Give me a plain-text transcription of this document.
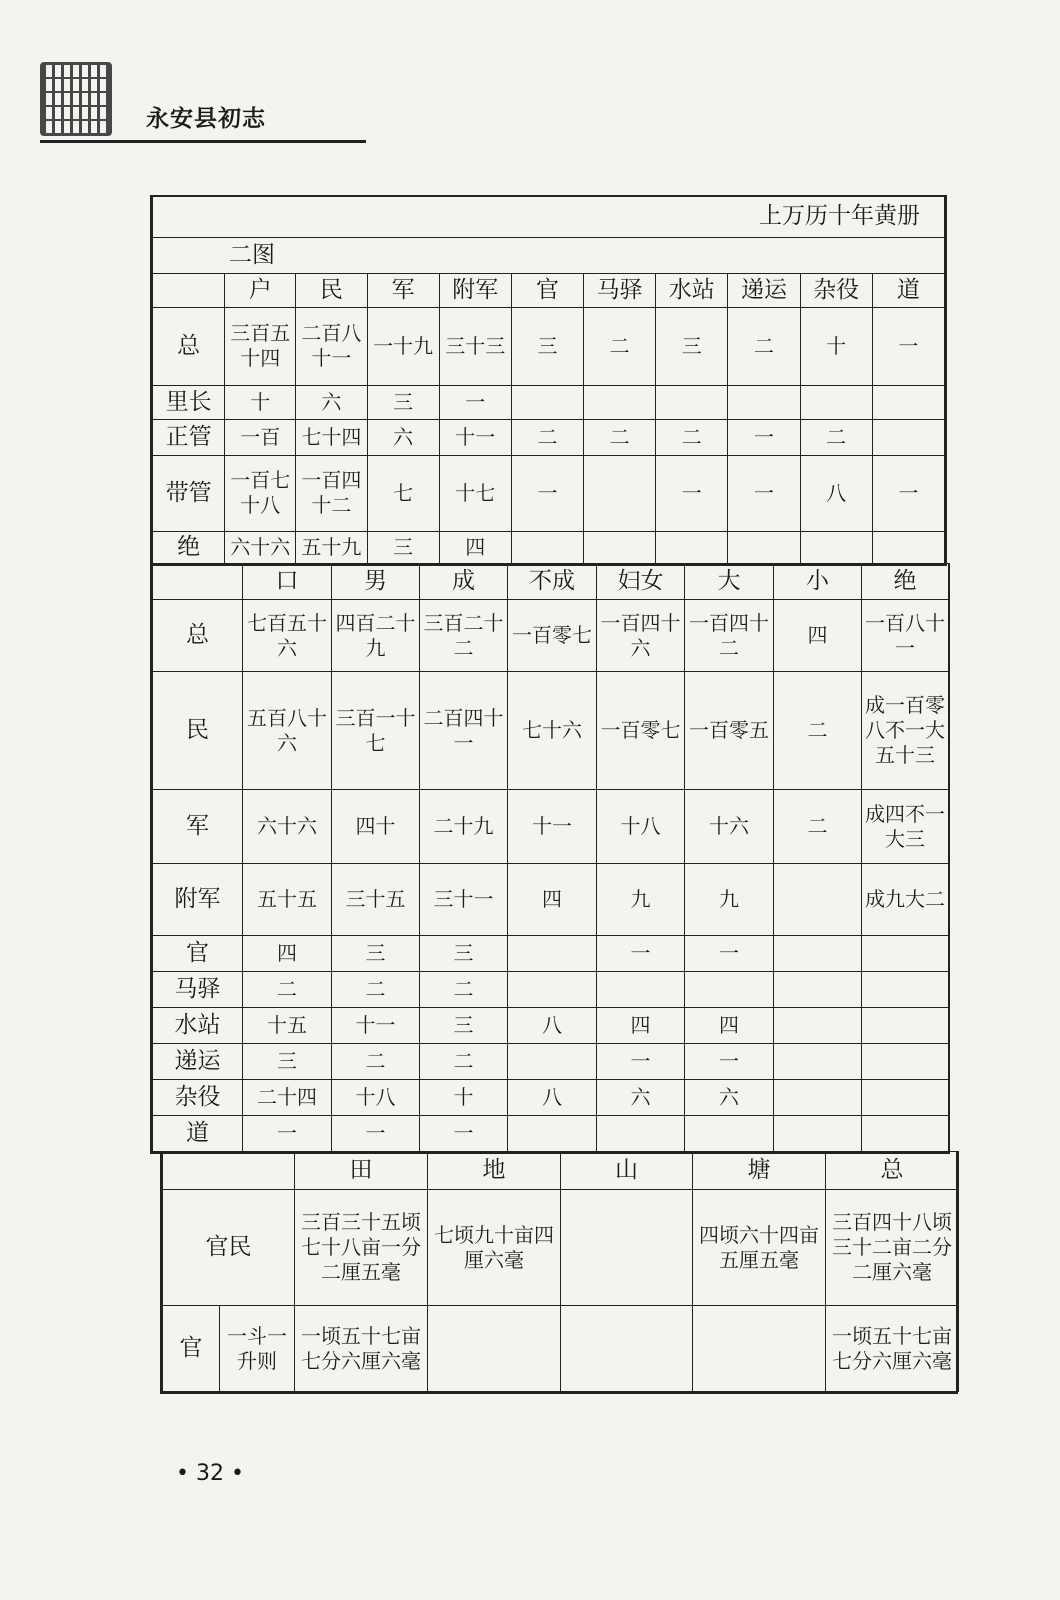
永安县初志
上万历十年黄册										
二图										
	户	民	军	附军	官	马驿	水站	递运	杂役	道
总	三百五十四	二百八十一	一十九	三十三	三	二	三	二	十	一
里长	十	六	三	一						
正管	一百	七十四	六	十一	二	二	二	一	二	
带管	一百七十八	一百四十二	七	十七	一		一	一	八	一
绝	六十六	五十九	三	四						
	口	男	成	不成	妇女	大	小	绝
总	七百五十六	四百二十九	三百二十二	一百零七	一百四十六	一百四十二	四	一百八十一
民	五百八十六	三百一十七	二百四十一	七十六	一百零七	一百零五	二	成一百零八不一大五十三
军	六十六	四十	二十九	十一	十八	十六	二	成四不一大三
附军	五十五	三十五	三十一	四	九	九		成九大二
官	四	三	三		一	一		
马驿	二	二	二					
水站	十五	十一	三	八	四	四		
递运	三	二	二		一	一		
杂役	二十四	十八	十	八	六	六		
道	一	一	一					
		田	地	山	塘	总
官民		三百三十五顷七十八亩一分二厘五毫	七顷九十亩四厘六毫		四顷六十四亩五厘五毫	三百四十八顷三十二亩二分二厘六毫
官	一斗一升则	一顷五十七亩七分六厘六毫				一顷五十七亩七分六厘六毫
• 32 •
